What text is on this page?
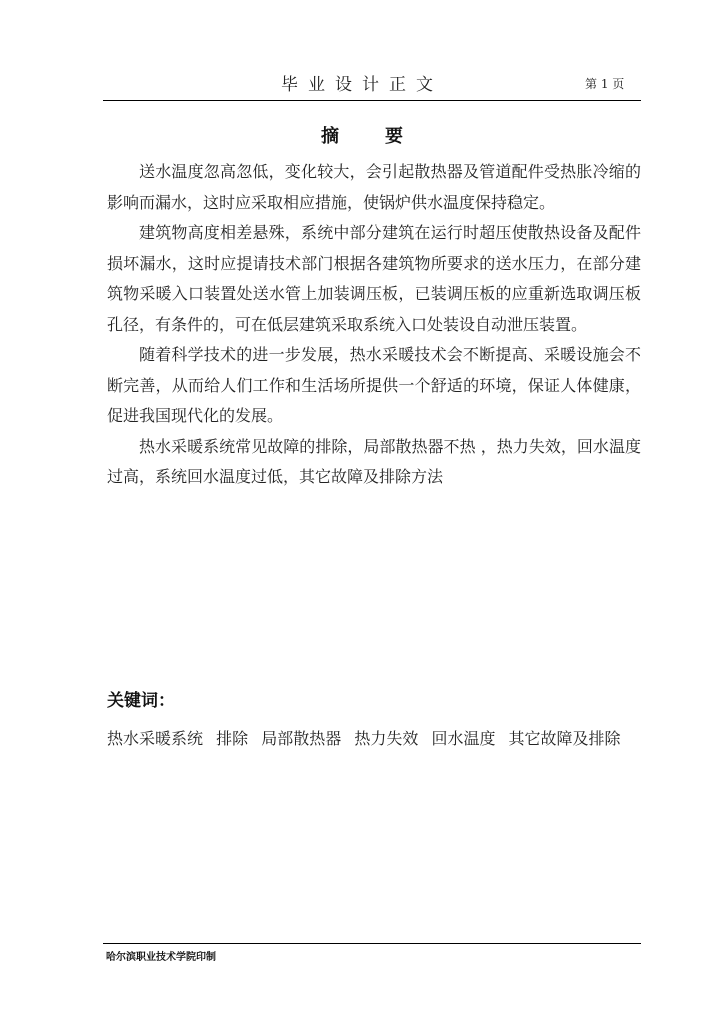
毕业设计正文	第 1 页
摘要

送水温度忽高忽低，变化较大，会引起散热器及管道配件受热胀冷缩的影响而漏水，这时应采取相应措施，使锅炉供水温度保持稳定。

建筑物高度相差悬殊，系统中部分建筑在运行时超压使散热设备及配件损坏漏水，这时应提请技术部门根据各建筑物所要求的送水压力，在部分建筑物采暖入口装置处送水管上加装调压板，已装调压板的应重新选取调压板孔径，有条件的，可在低层建筑采取系统入口处装设自动泄压装置。

随着科学技术的进一步发展，热水采暖技术会不断提高、采暖设施会不断完善，从而给人们工作和生活场所提供一个舒适的环境，保证人体健康，促进我国现代化的发展。

热水采暖系统常见故障的排除，局部散热器不热 ，热力失效，回水温度过高，系统回水温度过低，其它故障及排除方法

关键词：
热水采暖系统 排除 局部散热器 热力失效 回水温度 其它故障及排除
哈尔滨职业技术学院印制
